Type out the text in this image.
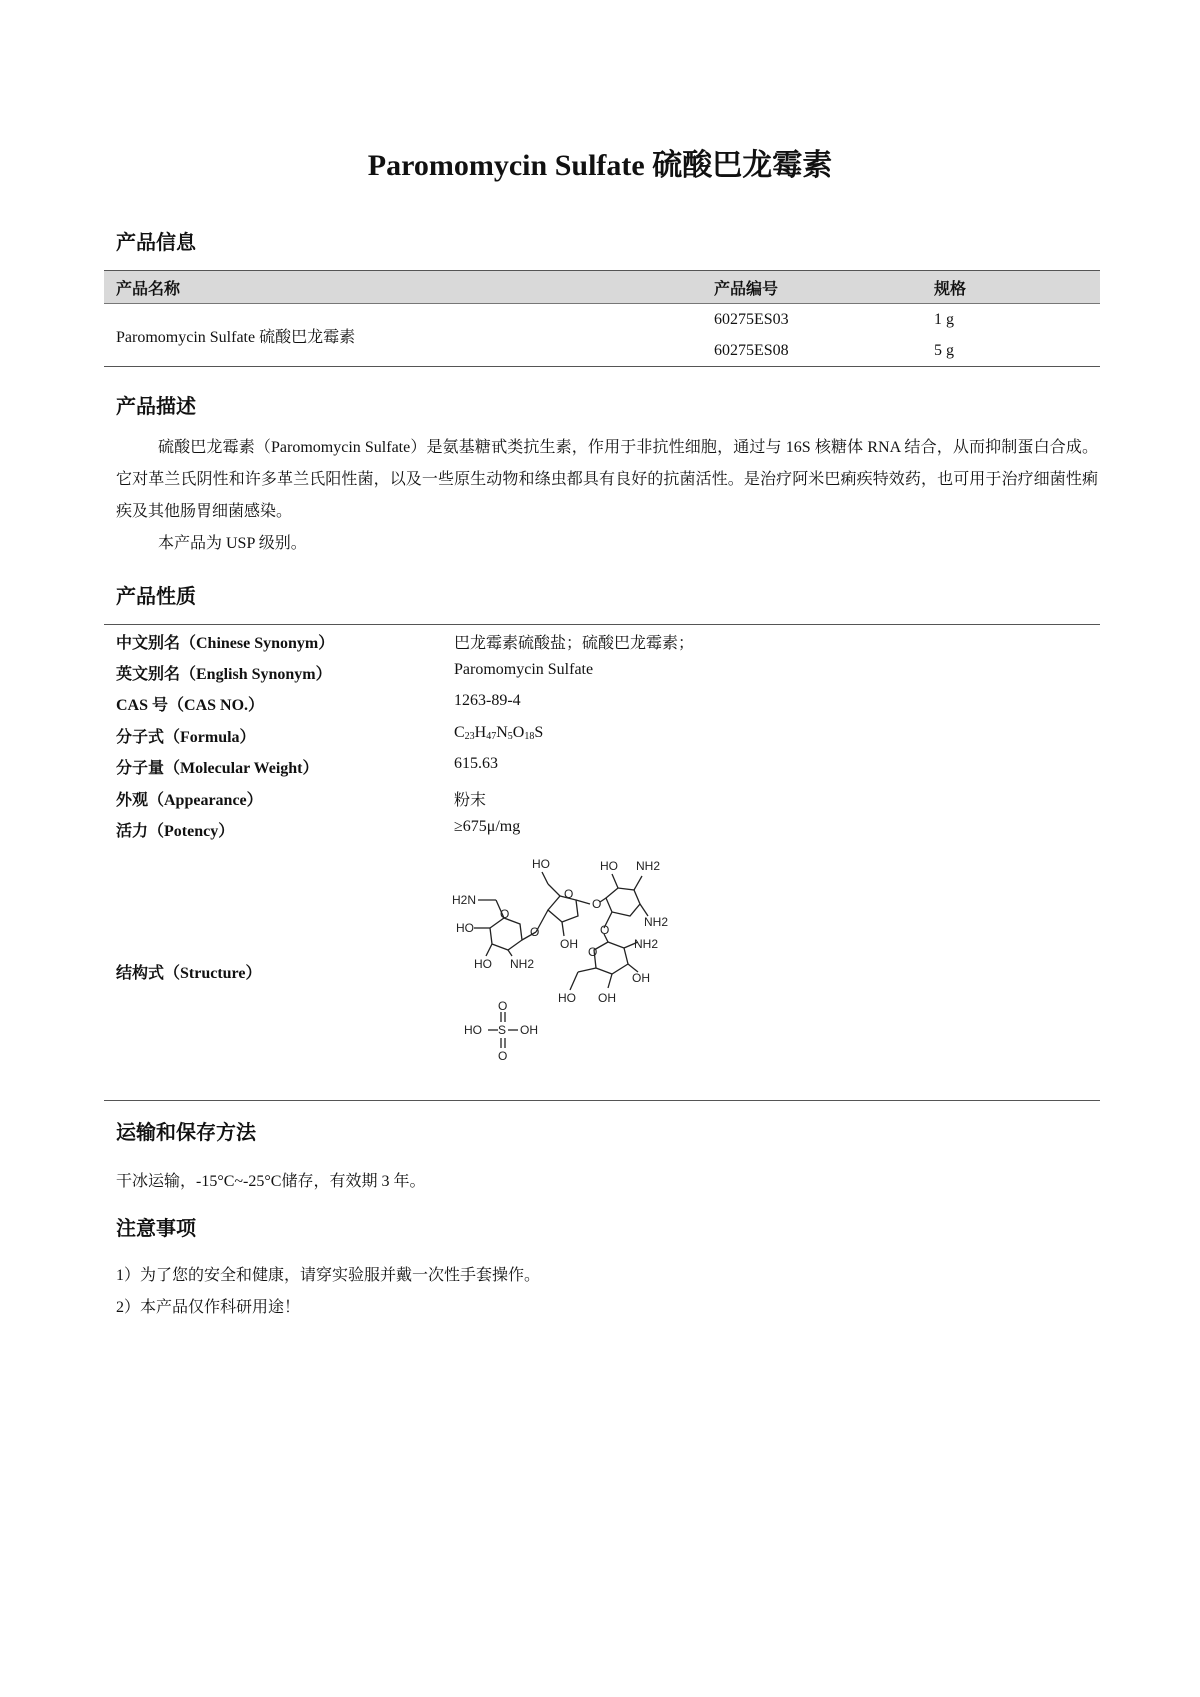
Paromomycin Sulfate 硫酸巴龙霉素
产品信息
产品名称	产品编号	规格
Paromomycin Sulfate 硫酸巴龙霉素	60275ES03	1 g
	60275ES08	5 g
产品描述

硫酸巴龙霉素（Paromomycin Sulfate）是氨基糖甙类抗生素，作用于非抗性细胞，通过与 16S 核糖体 RNA 结合，从而抑制蛋白合成。它对革兰氏阴性和许多革兰氏阳性菌，以及一些原生动物和绦虫都具有良好的抗菌活性。是治疗阿米巴痢疾特效药，也可用于治疗细菌性痢疾及其他肠胃细菌感染。

本产品为 USP 级别。

产品性质
中文别名（Chinese Synonym）	巴龙霉素硫酸盐；硫酸巴龙霉素；
英文别名（English Synonym）	Paromomycin Sulfate
CAS 号（CAS NO.）	1263-89-4
分子式（Formula）	$C_{23}H_{47}N_5O_{18}S$
分子量（Molecular Weight）	615.63
外观（Appearance）	粉末
活力（Potency）	≥675μ/mg
结构式（Structure）
H2N
HO
HO NH2
O
O
HO
O
OH
O
HO NH2
NH2
O
O
NH2
OH
HO OH
O
S
HO	OH
O
运输和保存方法

干冰运输，-15°C~-25°C储存，有效期 3 年。

注意事项

1）为了您的安全和健康，请穿实验服并戴一次性手套操作。

2）本产品仅作科研用途！
